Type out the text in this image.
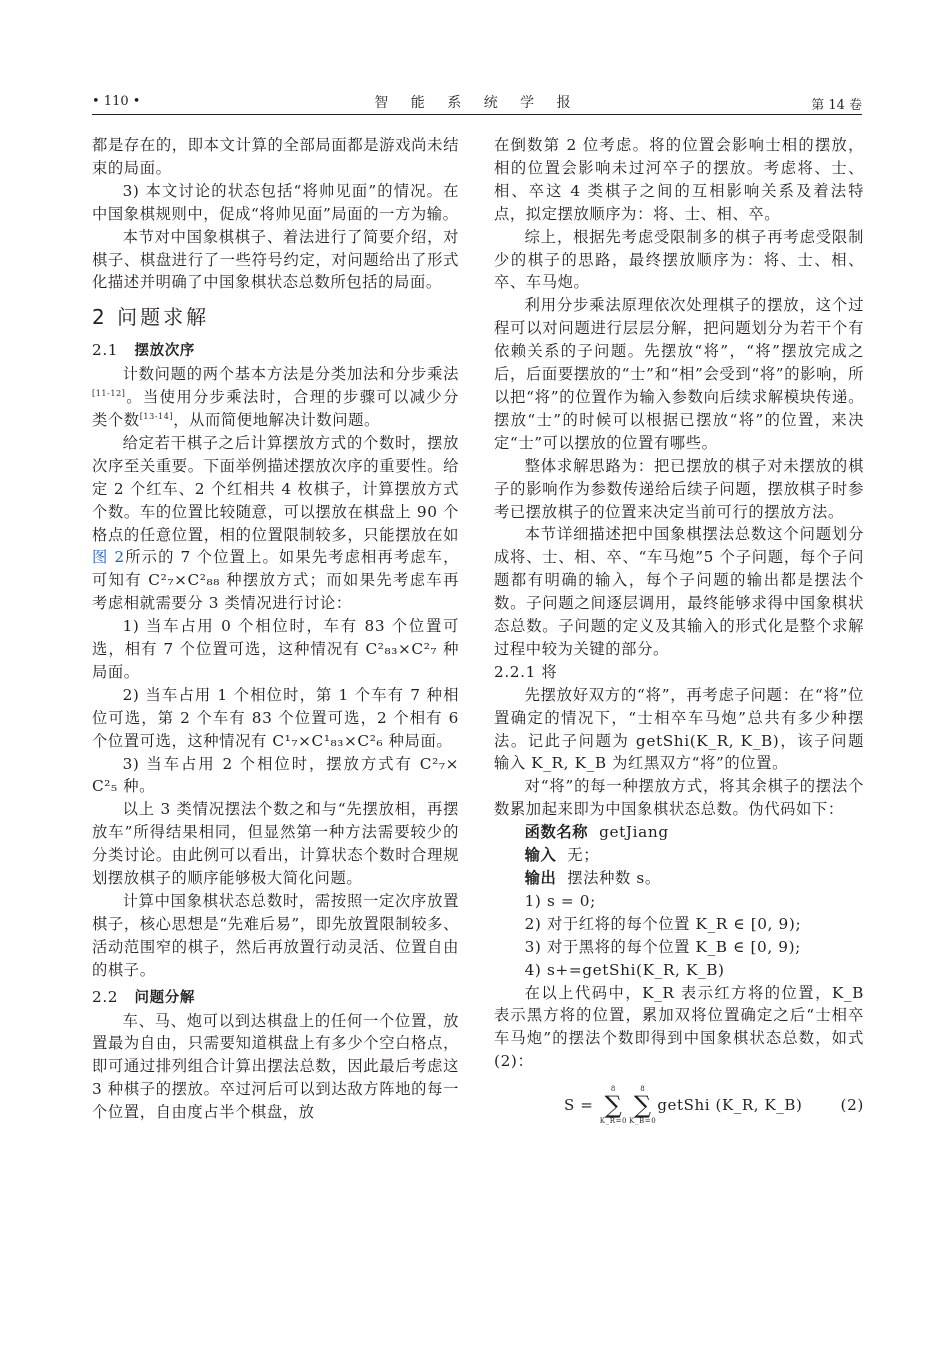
• 110 •	智 能 系 统 学 报	第 14 卷

都是存在的，即本文计算的全部局面都是游戏尚未结束的局面。

3) 本文讨论的状态包括“将帅见面”的情况。在中国象棋规则中，促成“将帅见面”局面的一方为输。

本节对中国象棋棋子、着法进行了简要介绍，对棋子、棋盘进行了一些符号约定，对问题给出了形式化描述并明确了中国象棋状态总数所包括的局面。

2 问题求解
2.1 摆放次序

计数问题的两个基本方法是分类加法和分步乘法[11-12]。当使用分步乘法时，合理的步骤可以减少分类个数[13-14]，从而简便地解决计数问题。

给定若干棋子之后计算摆放方式的个数时，摆放次序至关重要。下面举例描述摆放次序的重要性。给定 2 个红车、2 个红相共 4 枚棋子，计算摆放方式个数。车的位置比较随意，可以摆放在棋盘上 90 个格点的任意位置，相的位置限制较多，只能摆放在如图 2所示的 7 个位置上。如果先考虑相再考虑车，可知有 C²₇×C²₈₈ 种摆放方式；而如果先考虑车再考虑相就需要分 3 类情况进行讨论：

1) 当车占用 0 个相位时，车有 83 个位置可选，相有 7 个位置可选，这种情况有 C²₈₃×C²₇ 种局面。

2) 当车占用 1 个相位时，第 1 个车有 7 种相位可选，第 2 个车有 83 个位置可选，2 个相有 6 个位置可选，这种情况有 C¹₇×C¹₈₃×C²₆ 种局面。

3) 当车占用 2 个相位时，摆放方式有 C²₇× C²₅ 种。

以上 3 类情况摆法个数之和与“先摆放相，再摆放车”所得结果相同，但显然第一种方法需要较少的分类讨论。由此例可以看出，计算状态个数时合理规划摆放棋子的顺序能够极大简化问题。

计算中国象棋状态总数时，需按照一定次序放置棋子，核心思想是“先难后易”，即先放置限制较多、活动范围窄的棋子，然后再放置行动灵活、位置自由的棋子。

2.2 问题分解

车、马、炮可以到达棋盘上的任何一个位置，放置最为自由，只需要知道棋盘上有多少个空白格点，即可通过排列组合计算出摆法总数，因此最后考虑这 3 种棋子的摆放。卒过河后可以到达敌方阵地的每一个位置，自由度占半个棋盘，放

在倒数第 2 位考虑。将的位置会影响士相的摆放，相的位置会影响未过河卒子的摆放。考虑将、士、相、卒这 4 类棋子之间的互相影响关系及着法特点，拟定摆放顺序为：将、士、相、卒。

综上，根据先考虑受限制多的棋子再考虑受限制少的棋子的思路，最终摆放顺序为：将、士、相、卒、车马炮。

利用分步乘法原理依次处理棋子的摆放，这个过程可以对问题进行层层分解，把问题划分为若干个有依赖关系的子问题。先摆放“将”，“将”摆放完成之后，后面要摆放的“士”和“相”会受到“将”的影响，所以把“将”的位置作为输入参数向后续求解模块传递。摆放“士”的时候可以根据已摆放“将”的位置，来决定“士”可以摆放的位置有哪些。

整体求解思路为：把已摆放的棋子对未摆放的棋子的影响作为参数传递给后续子问题，摆放棋子时参考已摆放棋子的位置来决定当前可行的摆放方法。

本节详细描述把中国象棋摆法总数这个问题划分成将、士、相、卒、“车马炮”5 个子问题，每个子问题都有明确的输入，每个子问题的输出都是摆法个数。子问题之间逐层调用，最终能够求得中国象棋状态总数。子问题的定义及其输入的形式化是整个求解过程中较为关键的部分。

2.2.1 将

先摆放好双方的“将”，再考虑子问题：在“将”位置确定的情况下，“士相卒车马炮”总共有多少种摆法。记此子问题为 getShi(K_R, K_B)，该子问题输入 K_R, K_B 为红黑双方“将”的位置。

对“将”的每一种摆放方式，将其余棋子的摆法个数累加起来即为中国象棋状态总数。伪代码如下：

函数名称 getJiang
输入 无；
输出 摆法种数 s。
1) s = 0;
2) 对于红将的每个位置 K_R ∈ [0, 9);
3) 对于黑将的每个位置 K_B ∈ [0, 9);
4) s+=getShi(K_R, K_B)

在以上代码中，K_R 表示红方将的位置，K_B 表示黑方将的位置，累加双将位置确定之后“士相卒车马炮”的摆法个数即得到中国象棋状态总数，如式 (2)：

S =

8
∑
K_R=0
8
∑
K_B=0
getShi (K_R, K_B) (2)
